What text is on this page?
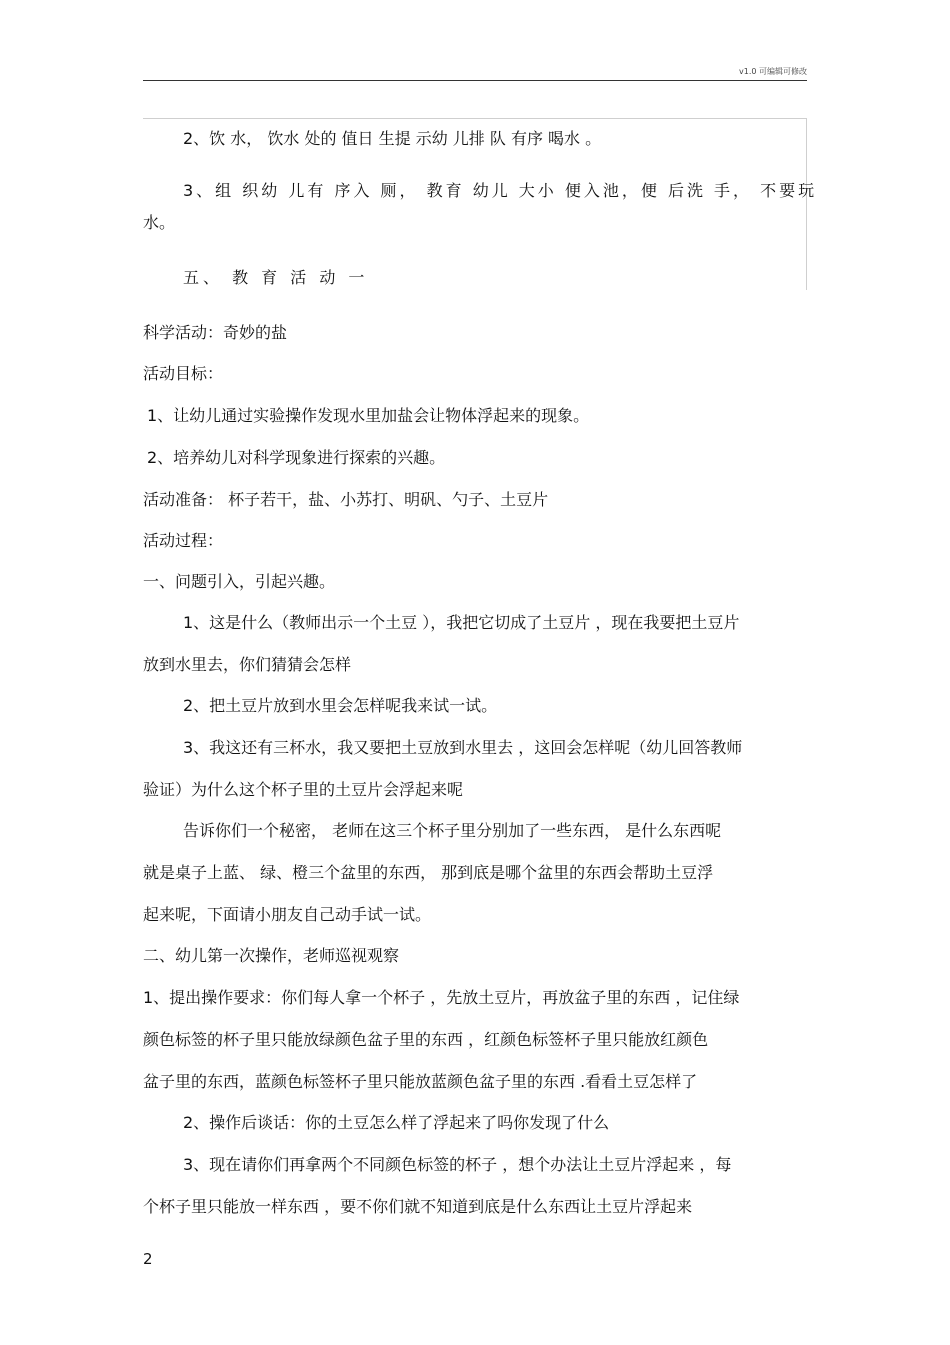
v1.0 可编辑可修改
2、饮 水， 饮水 处的 值日 生提 示幼 儿排 队 有序 喝水 。
3、组 织幼 儿有 序入 厕， 教育 幼儿 大小 便入池，便 后洗 手， 不要玩
水。
五、 教 育 活 动 一
科学活动：奇妙的盐
活动目标：
1、让幼儿通过实验操作发现水里加盐会让物体浮起来的现象。
2、培养幼儿对科学现象进行探索的兴趣。
活动准备： 杯子若干，盐、小苏打、明矾、勺子、土豆片
活动过程：
一、问题引入，引起兴趣。
1、这是什么（教师出示一个土豆 ），我把它切成了土豆片 ，现在我要把土豆片
放到水里去，你们猜猜会怎样
2、把土豆片放到水里会怎样呢我来试一试。
3、我这还有三杯水，我又要把土豆放到水里去 ，这回会怎样呢（幼儿回答教师
验证）为什么这个杯子里的土豆片会浮起来呢
告诉你们一个秘密， 老师在这三个杯子里分别加了一些东西， 是什么东西呢
就是桌子上蓝、 绿、橙三个盆里的东西， 那到底是哪个盆里的东西会帮助土豆浮
起来呢，下面请小朋友自己动手试一试。
二、幼儿第一次操作，老师巡视观察
1、提出操作要求：你们每人拿一个杯子 ，先放土豆片，再放盆子里的东西 ，记住绿
颜色标签的杯子里只能放绿颜色盆子里的东西 ，红颜色标签杯子里只能放红颜色
盆子里的东西，蓝颜色标签杯子里只能放蓝颜色盆子里的东西 .看看土豆怎样了
2、操作后谈话：你的土豆怎么样了浮起来了吗你发现了什么
3、现在请你们再拿两个不同颜色标签的杯子 ，想个办法让土豆片浮起来 ，每
个杯子里只能放一样东西 ，要不你们就不知道到底是什么东西让土豆片浮起来
2
